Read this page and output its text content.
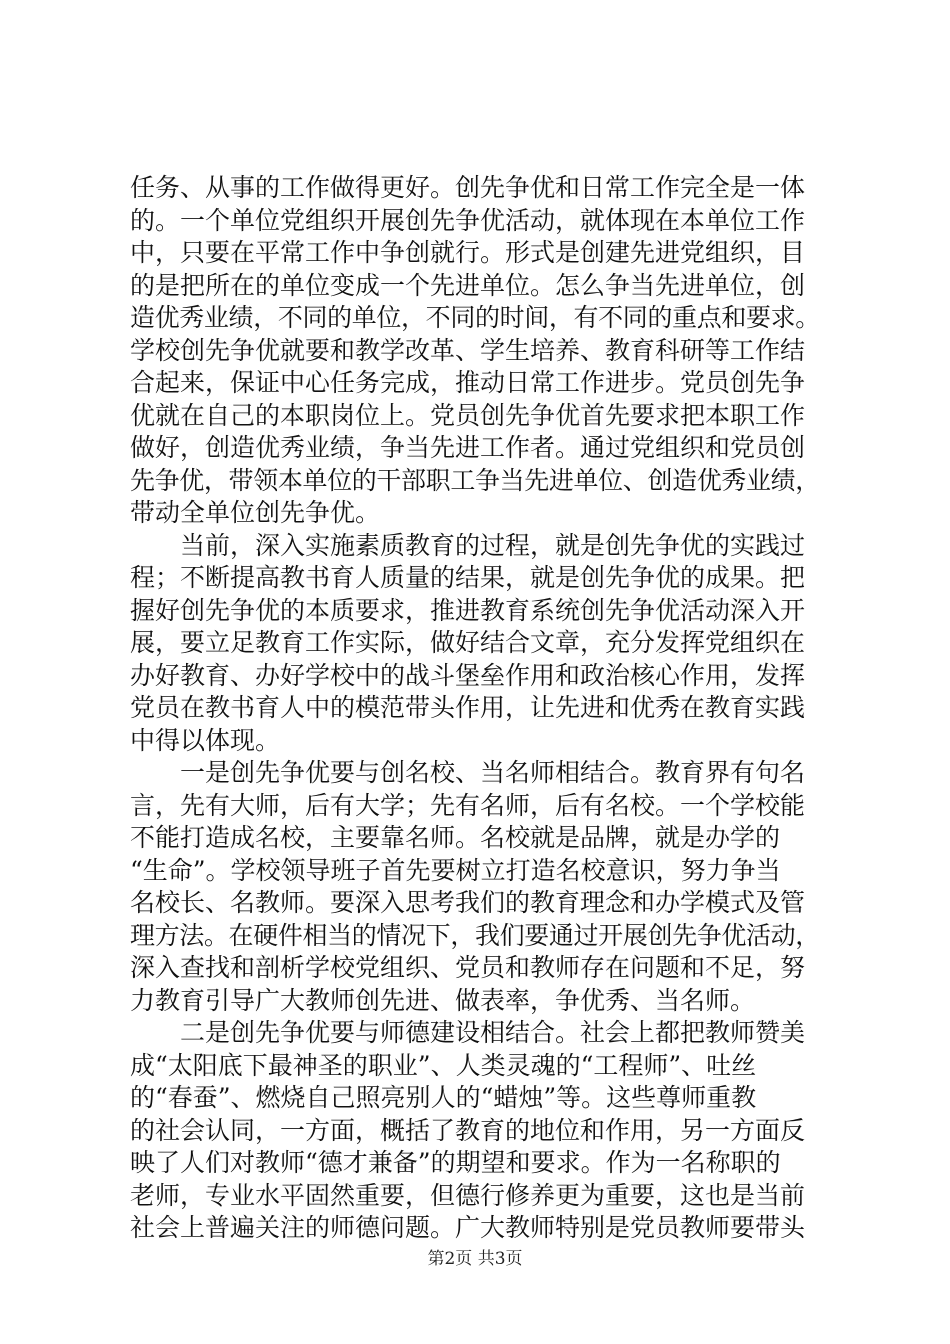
任务、从事的工作做得更好。创先争优和日常工作完全是一体
的。一个单位党组织开展创先争优活动，就体现在本单位工作
中，只要在平常工作中争创就行。形式是创建先进党组织，目
的是把所在的单位变成一个先进单位。怎么争当先进单位，创
造优秀业绩，不同的单位，不同的时间，有不同的重点和要求。
学校创先争优就要和教学改革、学生培养、教育科研等工作结
合起来，保证中心任务完成，推动日常工作进步。党员创先争
优就在自己的本职岗位上。党员创先争优首先要求把本职工作
做好，创造优秀业绩，争当先进工作者。通过党组织和党员创
先争优，带领本单位的干部职工争当先进单位、创造优秀业绩，
带动全单位创先争优。
当前，深入实施素质教育的过程，就是创先争优的实践过
程；不断提高教书育人质量的结果，就是创先争优的成果。把
握好创先争优的本质要求，推进教育系统创先争优活动深入开
展，要立足教育工作实际，做好结合文章，充分发挥党组织在
办好教育、办好学校中的战斗堡垒作用和政治核心作用，发挥
党员在教书育人中的模范带头作用，让先进和优秀在教育实践
中得以体现。
一是创先争优要与创名校、当名师相结合。教育界有句名
言，先有大师，后有大学；先有名师，后有名校。一个学校能
不能打造成名校，主要靠名师。名校就是品牌，就是办学的
“生命”。学校领导班子首先要树立打造名校意识，努力争当
名校长、名教师。要深入思考我们的教育理念和办学模式及管
理方法。在硬件相当的情况下，我们要通过开展创先争优活动，
深入查找和剖析学校党组织、党员和教师存在问题和不足，努
力教育引导广大教师创先进、做表率，争优秀、当名师。
二是创先争优要与师德建设相结合。社会上都把教师赞美
成“太阳底下最神圣的职业”、人类灵魂的“工程师”、吐丝
的“春蚕”、燃烧自己照亮别人的“蜡烛”等。这些尊师重教
的社会认同，一方面，概括了教育的地位和作用，另一方面反
映了人们对教师“德才兼备”的期望和要求。作为一名称职的
老师，专业水平固然重要，但德行修养更为重要，这也是当前
社会上普遍关注的师德问题。广大教师特别是党员教师要带头
第2页 共3页
